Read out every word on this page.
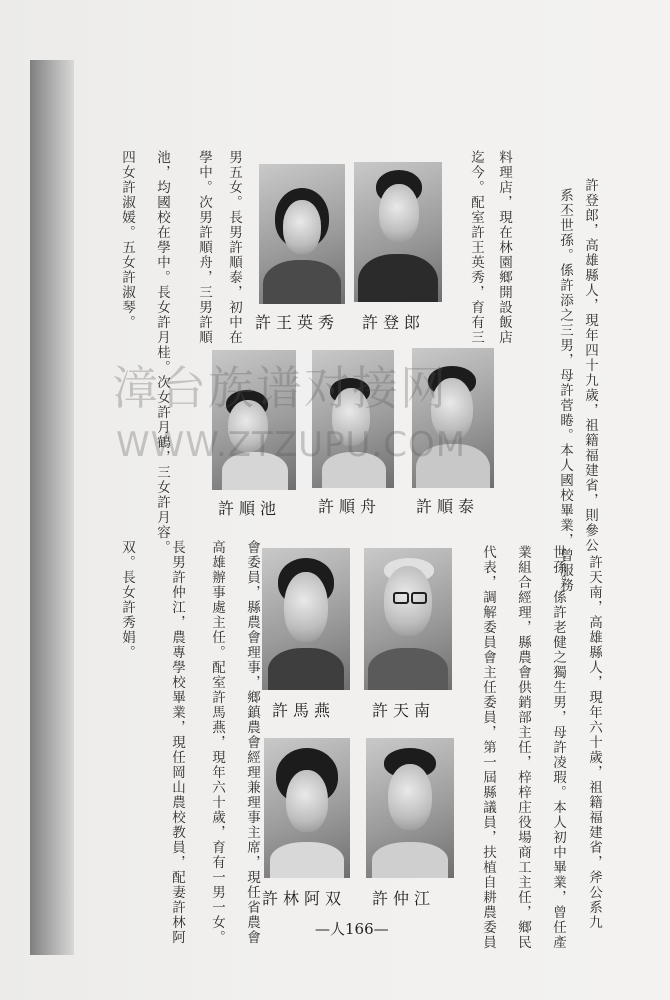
許登郎，高雄縣人，現年四十九歲，祖籍福建省，則參公
系丕世孫。係許添之三男，母許菅睠。本人國校畢業，曾服務
料理店，現在林園鄉開設飯店
迄今。配室許王英秀，育有三
男五女。長男許順泰，初中在
學中。次男許順舟，三男許順
池，均國校在學中。長女許月桂。次女許月鶴，三女許月容。
四女許淑媛。五女許淑琴。	許登郎
許王英秀
許順泰
許順舟
許順池
許天南，高雄縣人，現年六十歲，祖籍福建省，斧公系九
世孫。係許老健之獨生男，母許凌瑕。本人初中畢業，曾任產
業組合經理，縣農會供銷部主任，梓梓庄役場商工主任，鄉民
代表，調解委員會主任委員，第一屆縣議員，扶植自耕農委員
會委員，縣農會理事，鄉鎮農會經理兼理事主席，現任省農會
高雄辦事處主任。配室許馬燕，現年六十歲，育有一男一女。
長男許仲江，農專學校畢業，現任岡山農校教員，配妻許林阿
双。長女許秀娟。
許天南
許馬燕
許仲江
許林阿双
漳台族谱对接网
WWW.ZTZUPU.COM
—人166—
